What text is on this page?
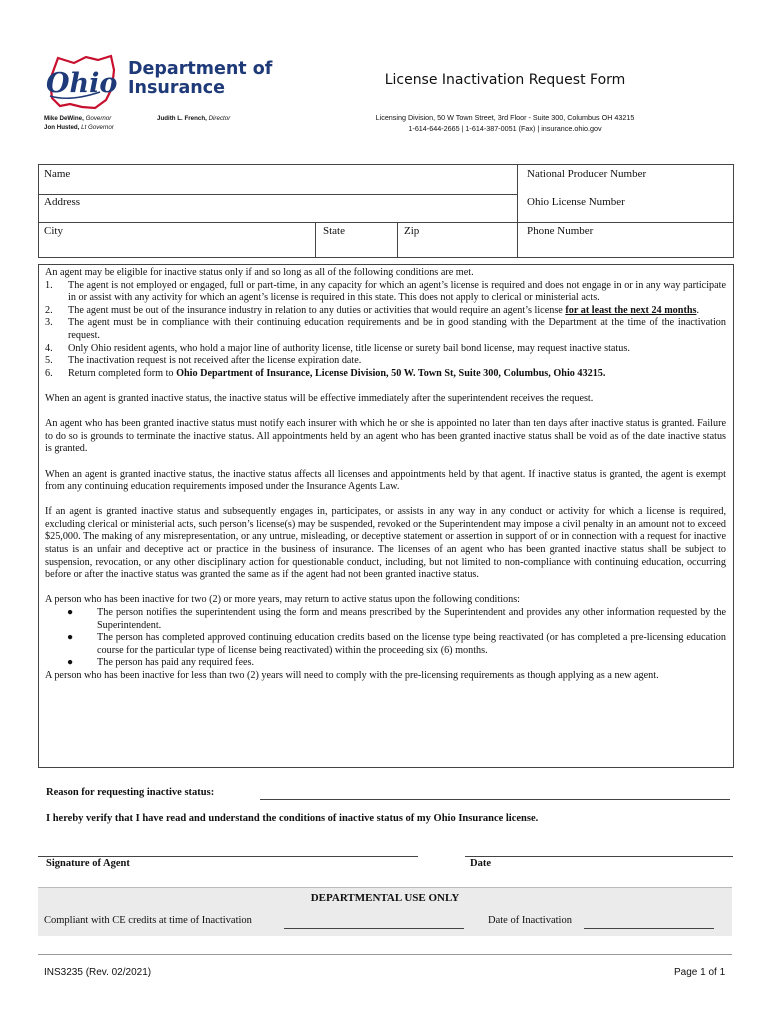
Ohio Department of
Insurance
Mike DeWine, Governor
Jon Husted, Lt Governor
Judith L. French, Director
License Inactivation Request Form
Licensing Division, 50 W Town Street, 3rd Floor - Suite 300, Columbus OH 43215
1-614-644-2665 | 1-614-387-0051 (Fax) | insurance.ohio.gov
Name	National Producer Number
Address	Ohio License Number
City	State	Zip	Phone Number

An agent may be eligible for inactive status only if and so long as all of the following conditions are met.

1. The agent is not employed or engaged, full or part-time, in any capacity for which an agent’s license is required and does not engage in or in any way participate in or assist with any activity for which an agent’s license is required in this state. This does not apply to clerical or ministerial acts.
2. The agent must be out of the insurance industry in relation to any duties or activities that would require an agent’s license for at least the next 24 months.
3. The agent must be in compliance with their continuing education requirements and be in good standing with the Department at the time of the inactivation request.
4. Only Ohio resident agents, who hold a major line of authority license, title license or surety bail bond license, may request inactive status.
5. The inactivation request is not received after the license expiration date.
6. Return completed form to Ohio Department of Insurance, License Division, 50 W. Town St, Suite 300, Columbus, Ohio 43215.

When an agent is granted inactive status, the inactive status will be effective immediately after the superintendent receives the request.

An agent who has been granted inactive status must notify each insurer with which he or she is appointed no later than ten days after inactive status is granted. Failure to do so is grounds to terminate the inactive status. All appointments held by an agent who has been granted inactive status shall be void as of the date inactive status is granted.

When an agent is granted inactive status, the inactive status affects all licenses and appointments held by that agent. If inactive status is granted, the agent is exempt from any continuing education requirements imposed under the Insurance Agents Law.

If an agent is granted inactive status and subsequently engages in, participates, or assists in any way in any conduct or activity for which a license is required, excluding clerical or ministerial acts, such person’s license(s) may be suspended, revoked or the Superintendent may impose a civil penalty in an amount not to exceed $25,000. The making of any misrepresentation, or any untrue, misleading, or deceptive statement or assertion in support of or in connection with a request for inactive status is an unfair and deceptive act or practice in the business of insurance. The licenses of an agent who has been granted inactive status shall be subject to suspension, revocation, or any other disciplinary action for questionable conduct, including, but not limited to non-compliance with continuing education, occurring before or after the inactive status was granted the same as if the agent had not been granted inactive status.

A person who has been inactive for two (2) or more years, may return to active status upon the following conditions:

● The person notifies the superintendent using the form and means prescribed by the Superintendent and provides any other information requested by the Superintendent.
● The person has completed approved continuing education credits based on the license type being reactivated (or has completed a pre-licensing education course for the particular type of license being reactivated) within the proceeding six (6) months.
● The person has paid any required fees.

A person who has been inactive for less than two (2) years will need to comply with the pre-licensing requirements as though applying as a new agent.

Reason for requesting inactive status:
I hereby verify that I have read and understand the conditions of inactive status of my Ohio Insurance license.
Signature of Agent	Date
DEPARTMENTAL USE ONLY
Compliant with CE credits at time of Inactivation	Date of Inactivation
INS3235 (Rev. 02/2021)	Page 1 of 1
